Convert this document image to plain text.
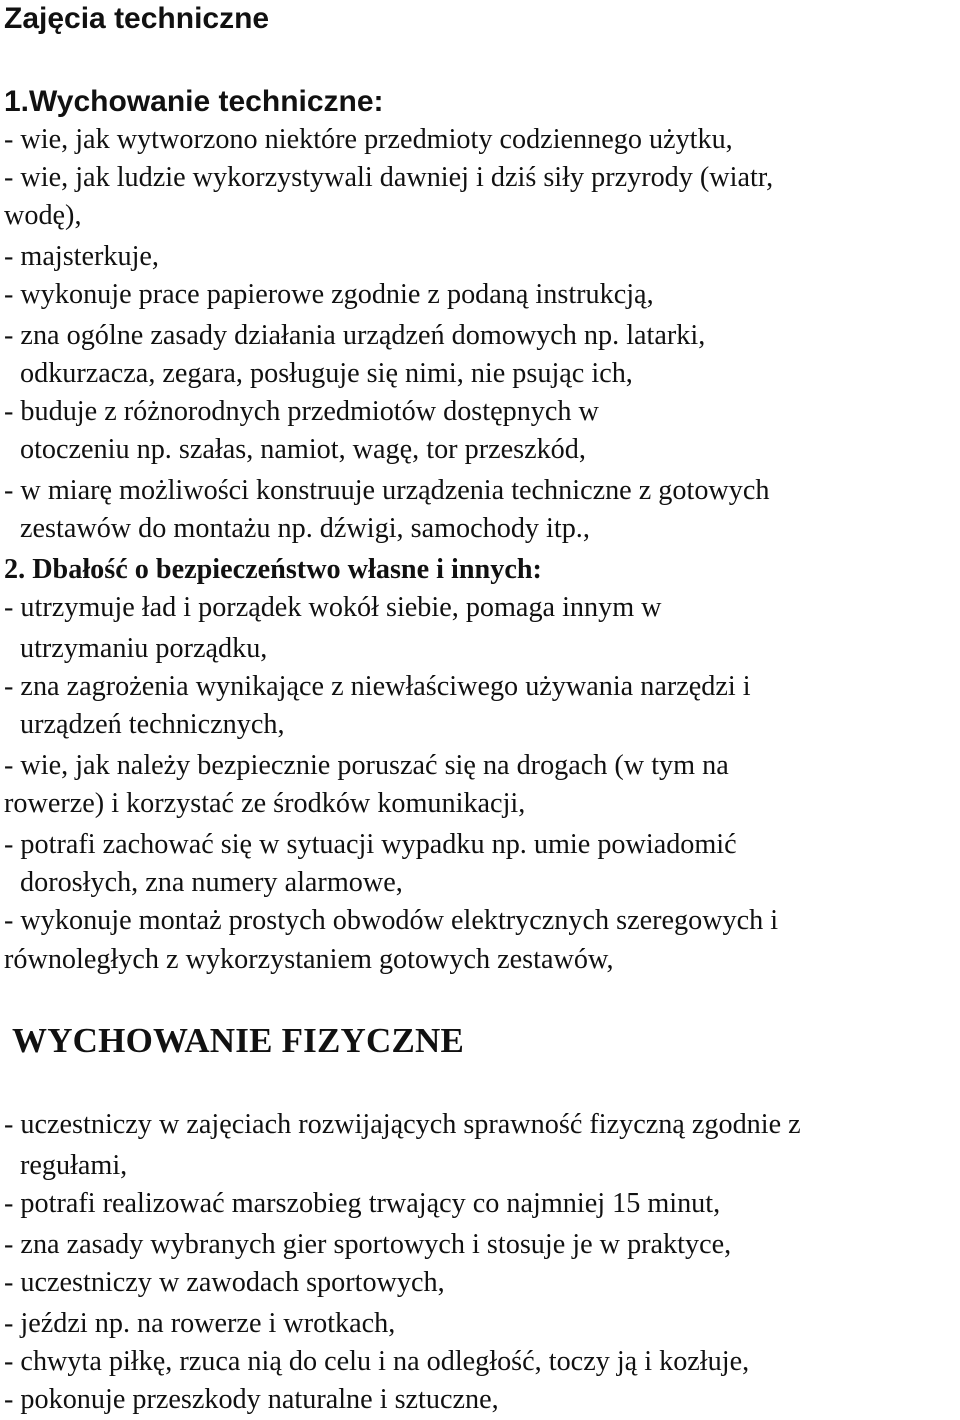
Zajęcia techniczne
1.Wychowanie techniczne:
- wie, jak wytworzono niektóre przedmioty codziennego użytku,
- wie, jak ludzie wykorzystywali dawniej i dziś siły przyrody (wiatr,
wodę),
- majsterkuje,
- wykonuje prace papierowe zgodnie z podaną instrukcją,
- zna ogólne zasady działania urządzeń domowych np. latarki,
odkurzacza, zegara, posługuje się nimi, nie psując ich,
- buduje z różnorodnych przedmiotów dostępnych w
otoczeniu np. szałas, namiot, wagę, tor przeszkód,
- w miarę możliwości konstruuje urządzenia techniczne z gotowych
zestawów do montażu np. dźwigi, samochody itp.,
2. Dbałość o bezpieczeństwo własne i innych:
- utrzymuje ład i porządek wokół siebie, pomaga innym w
utrzymaniu porządku,
- zna zagrożenia wynikające z niewłaściwego używania narzędzi i
urządzeń technicznych,
- wie, jak należy bezpiecznie poruszać się na drogach (w tym na
rowerze) i korzystać ze środków komunikacji,
- potrafi zachować się w sytuacji wypadku np. umie powiadomić
dorosłych, zna numery alarmowe,
- wykonuje montaż prostych obwodów elektrycznych szeregowych i
równoległych z wykorzystaniem gotowych zestawów,
WYCHOWANIE FIZYCZNE
- uczestniczy w zajęciach rozwijających sprawność fizyczną zgodnie z
regułami,
- potrafi realizować marszobieg trwający co najmniej 15 minut,
- zna zasady wybranych gier sportowych i stosuje je w praktyce,
- uczestniczy w zawodach sportowych,
- jeździ np. na rowerze i wrotkach,
- chwyta piłkę, rzuca nią do celu i na odległość, toczy ją i kozłuje,
- pokonuje przeszkody naturalne i sztuczne,
